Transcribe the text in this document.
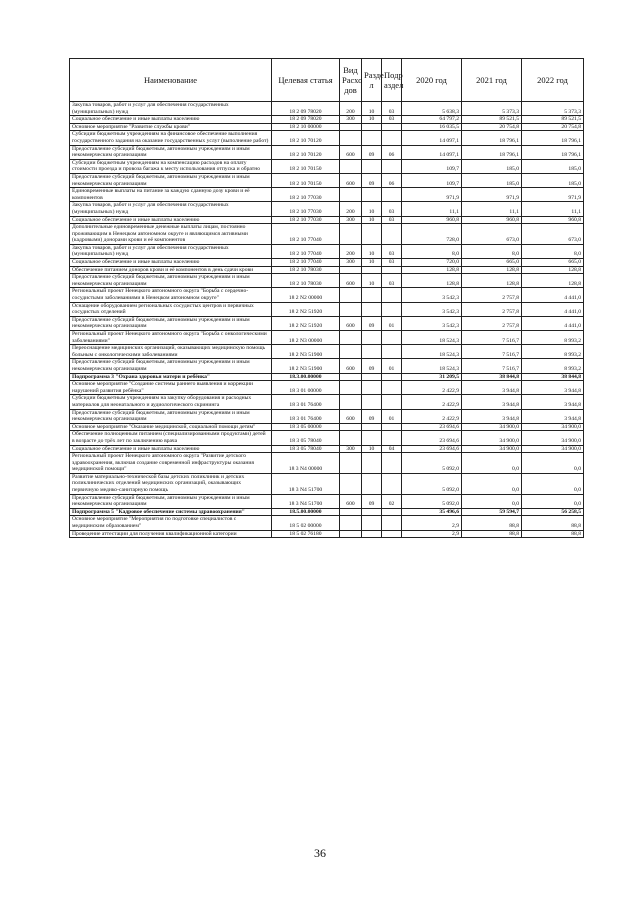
Наименование	Целевая статья	Вид Расхо дов	Разде л	Подр аздел	2020 год	2021 год	2022 год
Закупка товаров, работ и услуг для обеспечения государственных (муниципальных) нужд	18 2 09 78020	200	10	03	5 638,3	5 373,3	5 373,3
Социальное обеспечение и иные выплаты населению	18 2 09 78020	300	10	03	64 797,2	89 521,5	89 521,5
Основное мероприятие "Развитие службы крови"	18 2 10 00000				16 035,5	20 754,8	20 754,8
Субсидии бюджетным учреждениям на финансовое обеспечение выполнения государственного задания на оказание государственных услуг (выполнение работ)	18 2 10 70120				14 097,1	18 796,1	18 796,1
Предоставление субсидий бюджетным, автономным учреждениям и иным некоммерческим организациям	18 2 10 70120	600	09	06	14 097,1	18 796,1	18 796,1
Субсидии бюджетным учреждениям на компенсацию расходов на оплату стоимости проезда и провоза багажа к месту использования отпуска и обратно	18 2 10 70150				109,7	185,0	185,0
Предоставление субсидий бюджетным, автономным учреждениям и иным некоммерческим организациям	18 2 10 70150	600	09	06	109,7	185,0	185,0
Единовременные выплаты на питание за каждую сданную дозу крови и её компонентов	18 2 10 77030				971,9	971,9	971,9
Закупка товаров, работ и услуг для обеспечения государственных (муниципальных) нужд	18 2 10 77030	200	10	03	11,1	11,1	11,1
Социальное обеспечение и иные выплаты населению	18 2 10 77030	300	10	03	960,8	960,8	960,8
Дополнительные единовременные денежные выплаты лицам, постоянно проживающим в Ненецком автономном округе и являющимся активными (кадровыми) донорами крови и её компонентов	18 2 10 77040				728,0	673,0	673,0
Закупка товаров, работ и услуг для обеспечения государственных (муниципальных) нужд	18 2 10 77040	200	10	03	8,0	8,0	8,0
Социальное обеспечение и иные выплаты населению	18 2 10 77040	300	10	03	720,0	665,0	665,0
Обеспечение питанием доноров крови и её компонентов в день сдачи крови	18 2 10 78030				128,8	128,8	128,8
Предоставление субсидий бюджетным, автономным учреждениям и иным некоммерческим организациям	18 2 10 78030	600	10	03	128,8	128,8	128,8
Региональный проект Ненецкого автономного округа "Борьба с сердечно-сосудистыми заболеваниями в Ненецком автономном округе"	18 2 N2 00000				3 542,3	2 757,8	4 441,0
Оснащение оборудованием региональных сосудистых центров и первичных сосудистых отделений	18 2 N2 51920				3 542,3	2 757,8	4 441,0
Предоставление субсидий бюджетным, автономным учреждениям и иным некоммерческим организациям	18 2 N2 51920	600	09	01	3 542,3	2 757,8	4 441,0
Региональный проект Ненецкого автономного округа "Борьба с онкологическими заболеваниями"	18 2 N3 00000				18 524,3	7 516,7	8 993,2
Переоснащение медицинских организаций, оказывающих медицинскую помощь больным с онкологическими заболеваниями	18 2 N3 51900				18 524,3	7 516,7	8 993,2
Предоставление субсидий бюджетным, автономным учреждениям и иным некоммерческим организациям	18 2 N3 51900	600	09	01	18 524,3	7 516,7	8 993,2
Подпрограмма 3 "Охрана здоровья матери и ребёнка"	18.3.00.00000				31 209,5	38 844,8	38 844,8
Основное мероприятие "Создание системы раннего выявления и коррекции нарушений развития ребёнка"	18 3 01 00000				2 422,9	3 944,8	3 944,8
Субсидии бюджетным учреждениям на закупку оборудования и расходных материалов для неонатального и аудиологического скрининга	18 3 01 76400				2 422,9	3 944,8	3 944,8
Предоставление субсидий бюджетным, автономным учреждениям и иным некоммерческим организациям	18 3 01 76400	600	09	01	2 422,9	3 944,8	3 944,8
Основное мероприятие "Оказание медицинской, социальной помощи детям"	18 3 05 00000				23 694,6	34 900,0	34 900,0
Обеспечение полноценным питанием (специализированными продуктами) детей в возрасте до трёх лет по заключению врача	18 3 05 78040				23 694,6	34 900,0	34 900,0
Социальное обеспечение и иные выплаты населению	18 3 05 78040	300	10	04	23 694,6	34 900,0	34 900,0
Региональный проект Ненецкого автономного округа "Развитие детского здравоохранения, включая создание современной инфраструктуры оказания медицинской помощи"	18 3 N4 00000				5 092,0	0,0	0,0
Развитие материально-технической базы детских поликлиник и детских поликлинических отделений медицинских организаций, оказывающих первичную медико-санитарную помощь	18 3 N4 51700				5 092,0	0,0	0,0
Предоставление субсидий бюджетным, автономным учреждениям и иным некоммерческим организациям	18 3 N4 51700	600	09	02	5 092,0	0,0	0,0
Подпрограмма 5 "Кадровое обеспечение системы здравоохранения"	18.5.00.00000				35 496,6	59 594,7	56 258,5
Основное мероприятие "Мероприятия по подготовке специалистов с медицинским образованием"	18 5 02 00000				2,9	88,8	88,8
Проведение аттестации для получения квалификационной категории	18 5 02 76180				2,9	88,8	88,8
36
